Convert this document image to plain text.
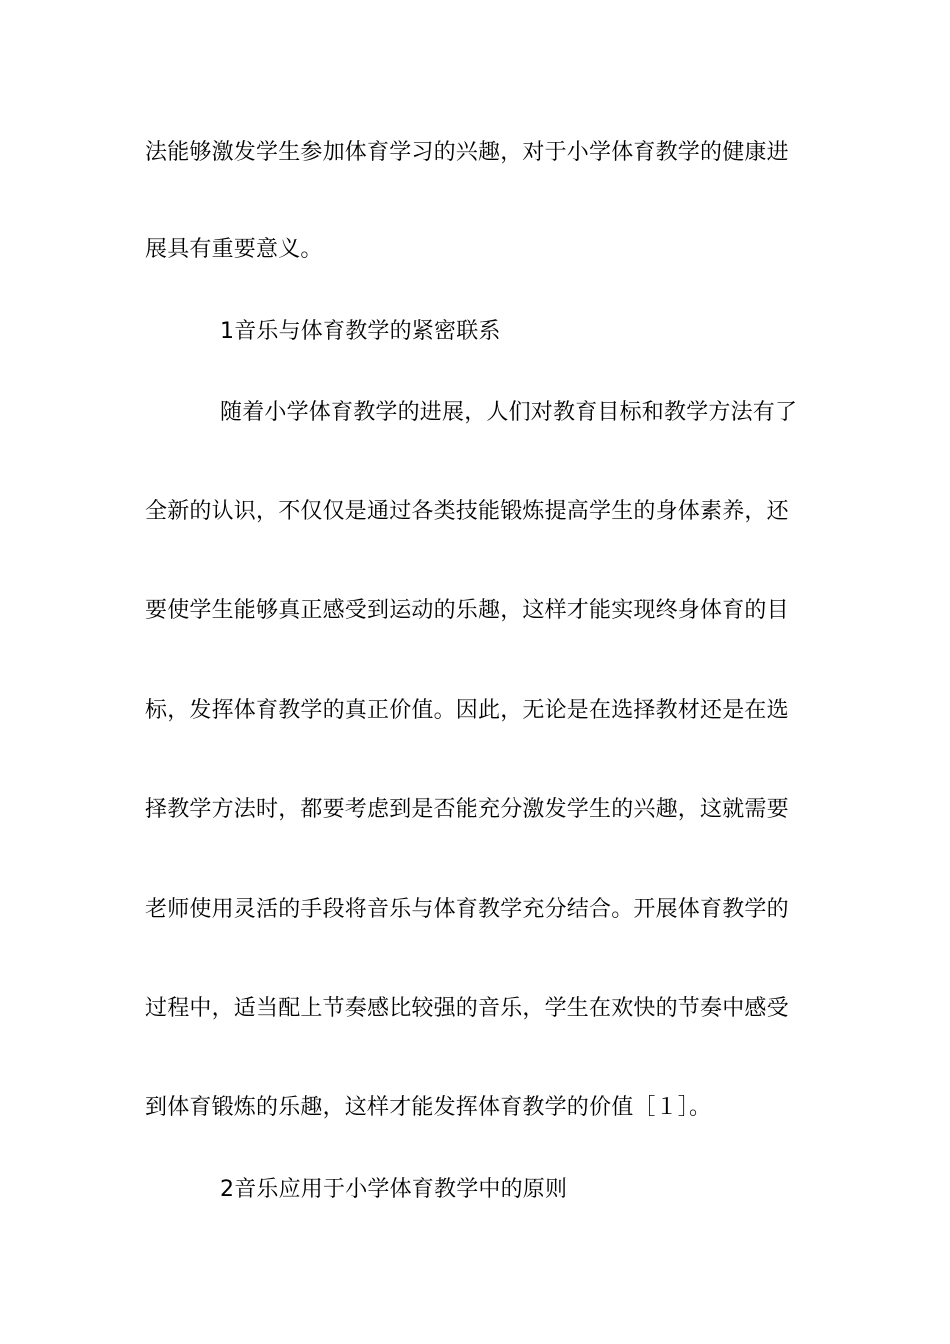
法能够激发学生参加体育学习的兴趣，对于小学体育教学的健康进
展具有重要意义。
1音乐与体育教学的紧密联系
随着小学体育教学的进展，人们对教育目标和教学方法有了
全新的认识，不仅仅是通过各类技能锻炼提高学生的身体素养，还
要使学生能够真正感受到运动的乐趣，这样才能实现终身体育的目
标，发挥体育教学的真正价值。因此，无论是在选择教材还是在选
择教学方法时，都要考虑到是否能充分激发学生的兴趣，这就需要
老师使用灵活的手段将音乐与体育教学充分结合。开展体育教学的
过程中，适当配上节奏感比较强的音乐，学生在欢快的节奏中感受
到体育锻炼的乐趣，这样才能发挥体育教学的价值［１］。
2音乐应用于小学体育教学中的原则
